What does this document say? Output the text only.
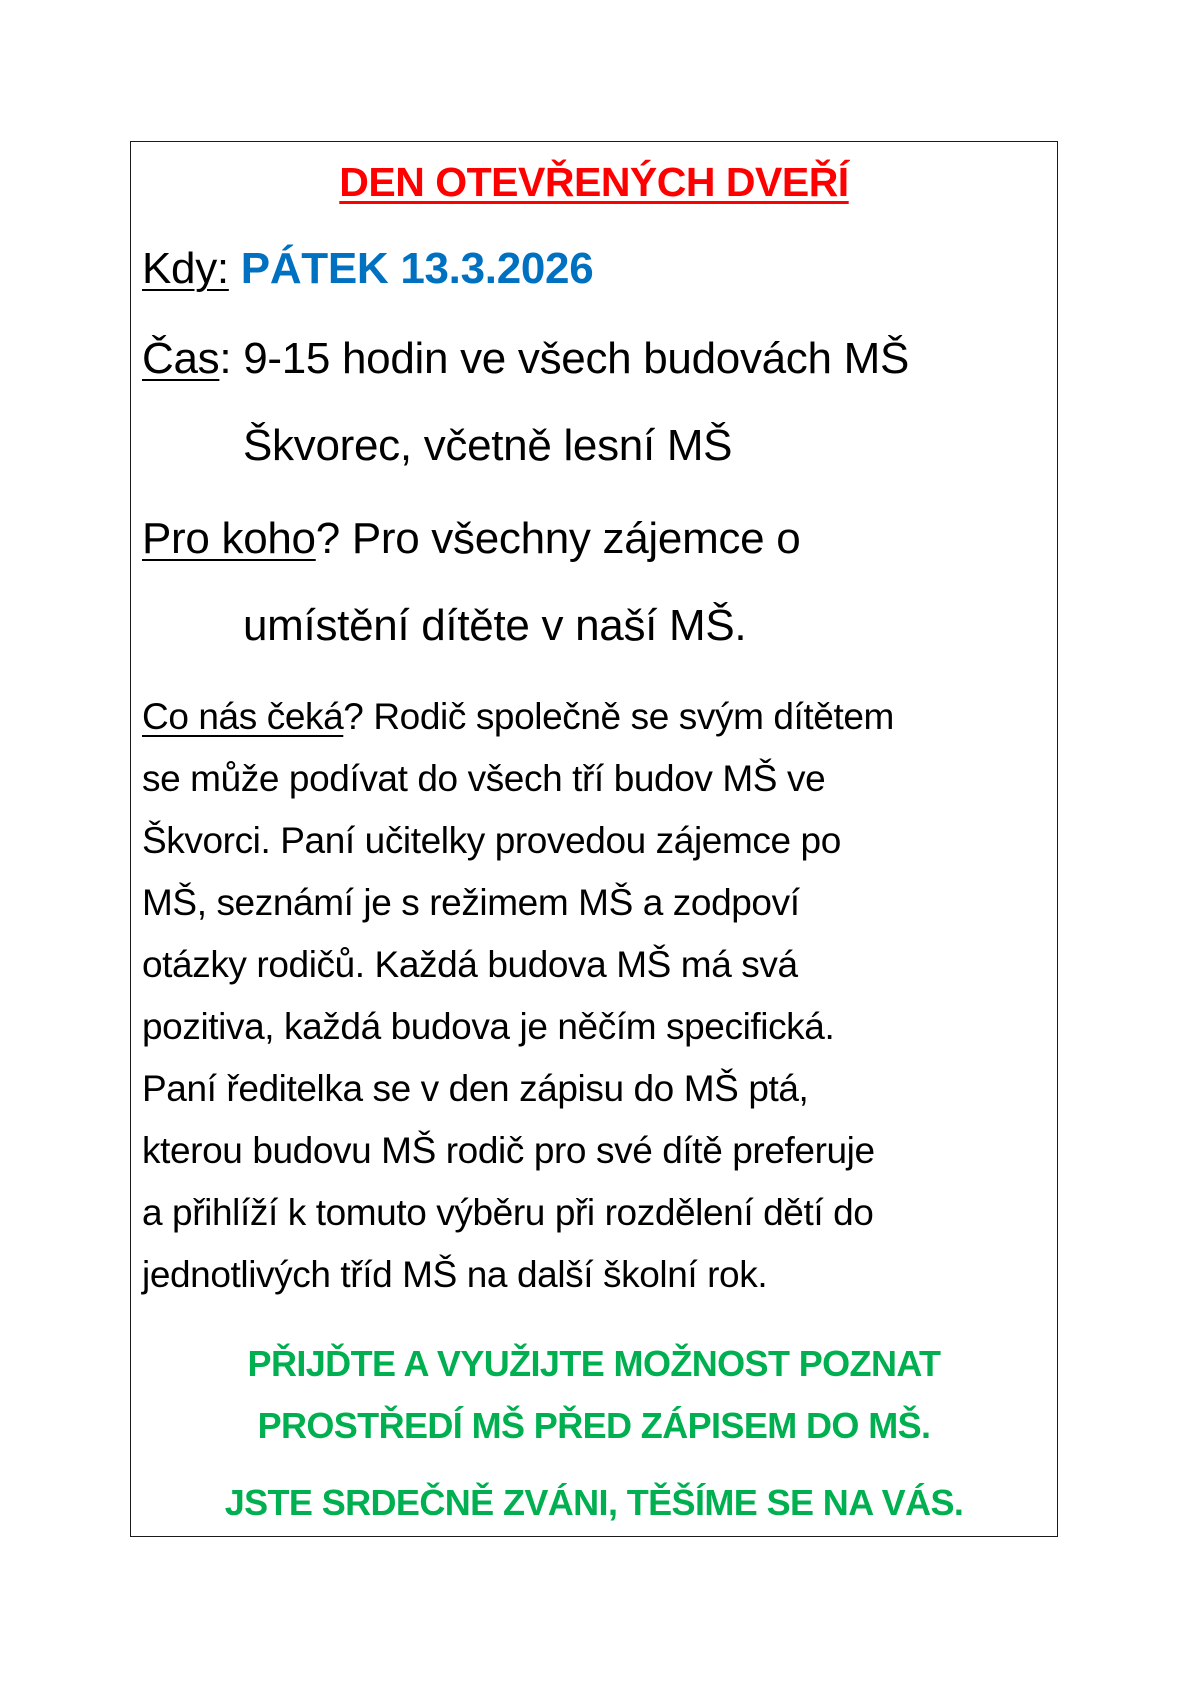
DEN OTEVŘENÝCH DVEŘÍ
Kdy: PÁTEK 13.3.2026
Čas: 9-15 hodin ve všech budovách MŠ
Škvorec, včetně lesní MŠ
Pro koho? Pro všechny zájemce o
umístění dítěte v naší MŠ.
Co nás čeká? Rodič společně se svým dítětem
se může podívat do všech tří budov MŠ ve
Škvorci. Paní učitelky provedou zájemce po
MŠ, seznámí je s režimem MŠ a zodpoví
otázky rodičů. Každá budova MŠ má svá
pozitiva, každá budova je něčím specifická.
Paní ředitelka se v den zápisu do MŠ ptá,
kterou budovu MŠ rodič pro své dítě preferuje
a přihlíží k tomuto výběru při rozdělení dětí do
jednotlivých tříd MŠ na další školní rok.
PŘIJĎTE A VYUŽIJTE MOŽNOST POZNAT
PROSTŘEDÍ MŠ PŘED ZÁPISEM DO MŠ.
JSTE SRDEČNĚ ZVÁNI, TĚŠÍME SE NA VÁS.
